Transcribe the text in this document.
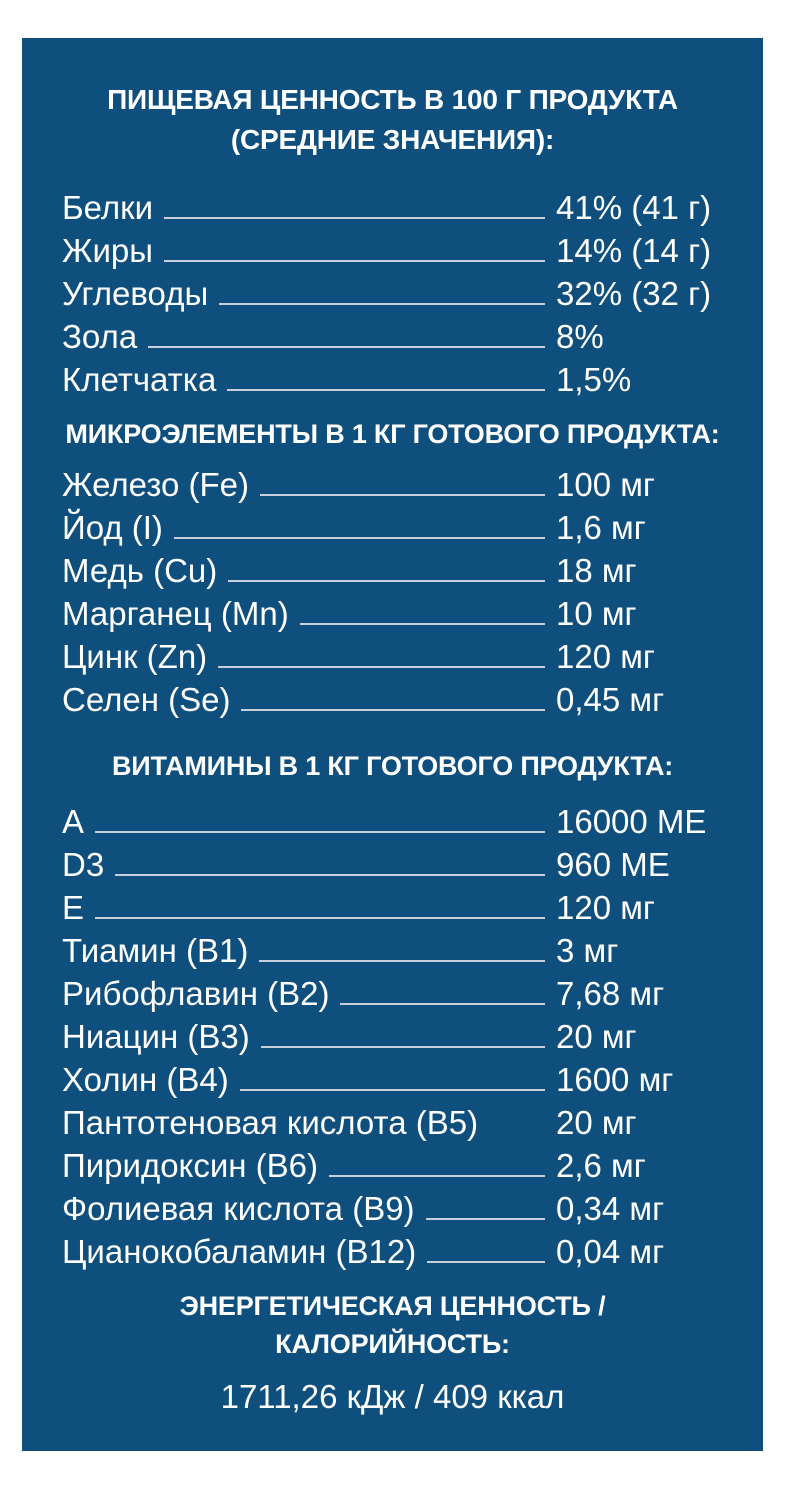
ПИЩЕВАЯ ЦЕННОСТЬ В 100 Г ПРОДУКТА
(СРЕДНИЕ ЗНАЧЕНИЯ):
Белки	41% (41 г)
Жиры	14% (14 г)
Углеводы	32% (32 г)
Зола	8%
Клетчатка	1,5%
МИКРОЭЛЕМЕНТЫ В 1 КГ ГОТОВОГО ПРОДУКТА:
Железо (Fe)	100 мг
Йод (I)	1,6 мг
Медь (Cu)	18 мг
Марганец (Mn)	10 мг
Цинк (Zn)	120 мг
Селен (Se)	0,45 мг
ВИТАМИНЫ В 1 КГ ГОТОВОГО ПРОДУКТА:
A	16000 МЕ
D3	960 МЕ
E	120 мг
Тиамин (B1)	3 мг
Рибофлавин (B2)	7,68 мг
Ниацин (B3)	20 мг
Холин (B4)	1600 мг
Пантотеновая кислота (B5) 20 мг
Пиридоксин (B6)	2,6 мг
Фолиевая кислота (B9)	0,34 мг
Цианокобаламин (B12)	0,04 мг
ЭНЕРГЕТИЧЕСКАЯ ЦЕННОСТЬ /
КАЛОРИЙНОСТЬ:
1711,26 кДж / 409 ккал
